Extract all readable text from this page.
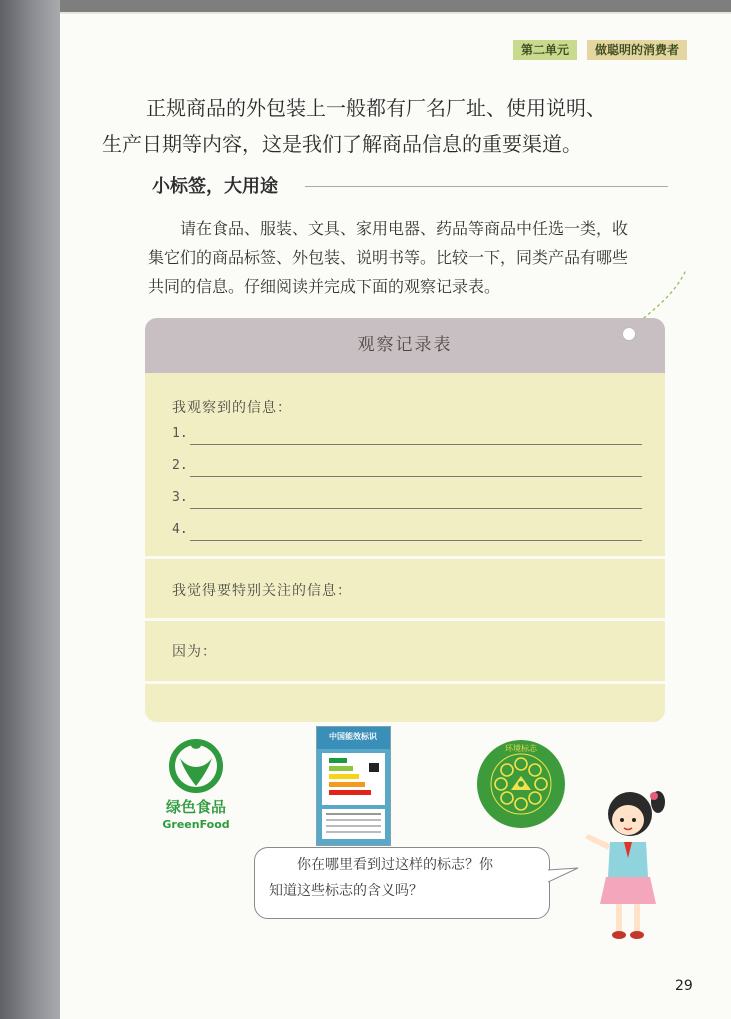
第二单元	做聪明的消费者
正规商品的外包装上一般都有厂名厂址、使用说明、
生产日期等内容，这是我们了解商品信息的重要渠道。
小标签，大用途
请在食品、服装、文具、家用电器、药品等商品中任选一类，收
集它们的商品标签、外包装、说明书等。比较一下，同类产品有哪些
共同的信息。仔细阅读并完成下面的观察记录表。
观察记录表
我观察到的信息：
1.
2.
3.
4.
我觉得要特别关注的信息：
因为：
绿色食品
GreenFood
中国能效标识
环境标志
你在哪里看到过这样的标志？你
知道这些标志的含义吗？
29
